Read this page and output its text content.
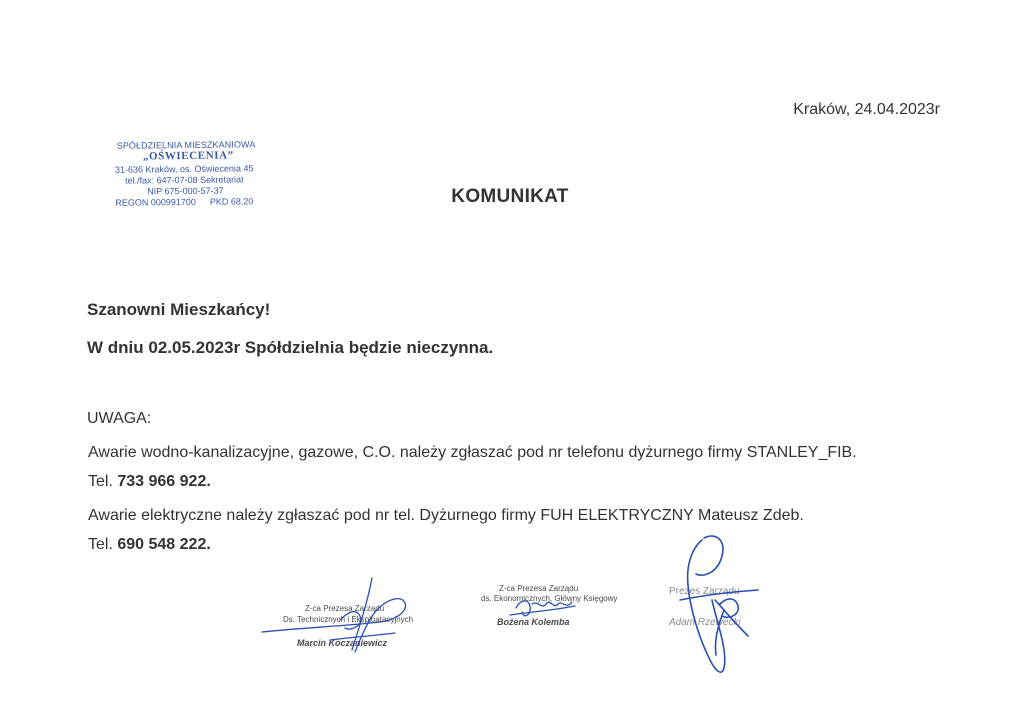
Kraków, 24.04.2023r
SPÓŁDZIELNIA MIESZKANIOWA
„OŚWIECENIA”
31-636 Kraków, os. Oświecenia 45
tel./fax: 647-07-08 Sekretariat
NIP 675-000-57-37
REGON 000991700 PKD 68.20	KOMUNIKAT
Szanowni Mieszkańcy!
W dniu 02.05.2023r Spółdzielnia będzie nieczynna.
UWAGA:
Awarie wodno-kanalizacyjne, gazowe, C.O. należy zgłaszać pod nr telefonu dyżurnego firmy STANLEY_FIB.
Tel. 733 966 922.
Awarie elektryczne należy zgłaszać pod nr tel. Dyżurnego firmy FUH ELEKTRYCZNY Mateusz Zdeb.
Tel. 690 548 222.
Z-ca Prezesa Zarządu
Ds. Technicznych i Eksploatacyjnych
Marcin Koczaniewicz
Z-ca Prezesa Zarządu
ds. Ekonomicznych, Główny Księgowy
Bożena Kolemba
Prezes Zarządu
Adam Rzewecki
